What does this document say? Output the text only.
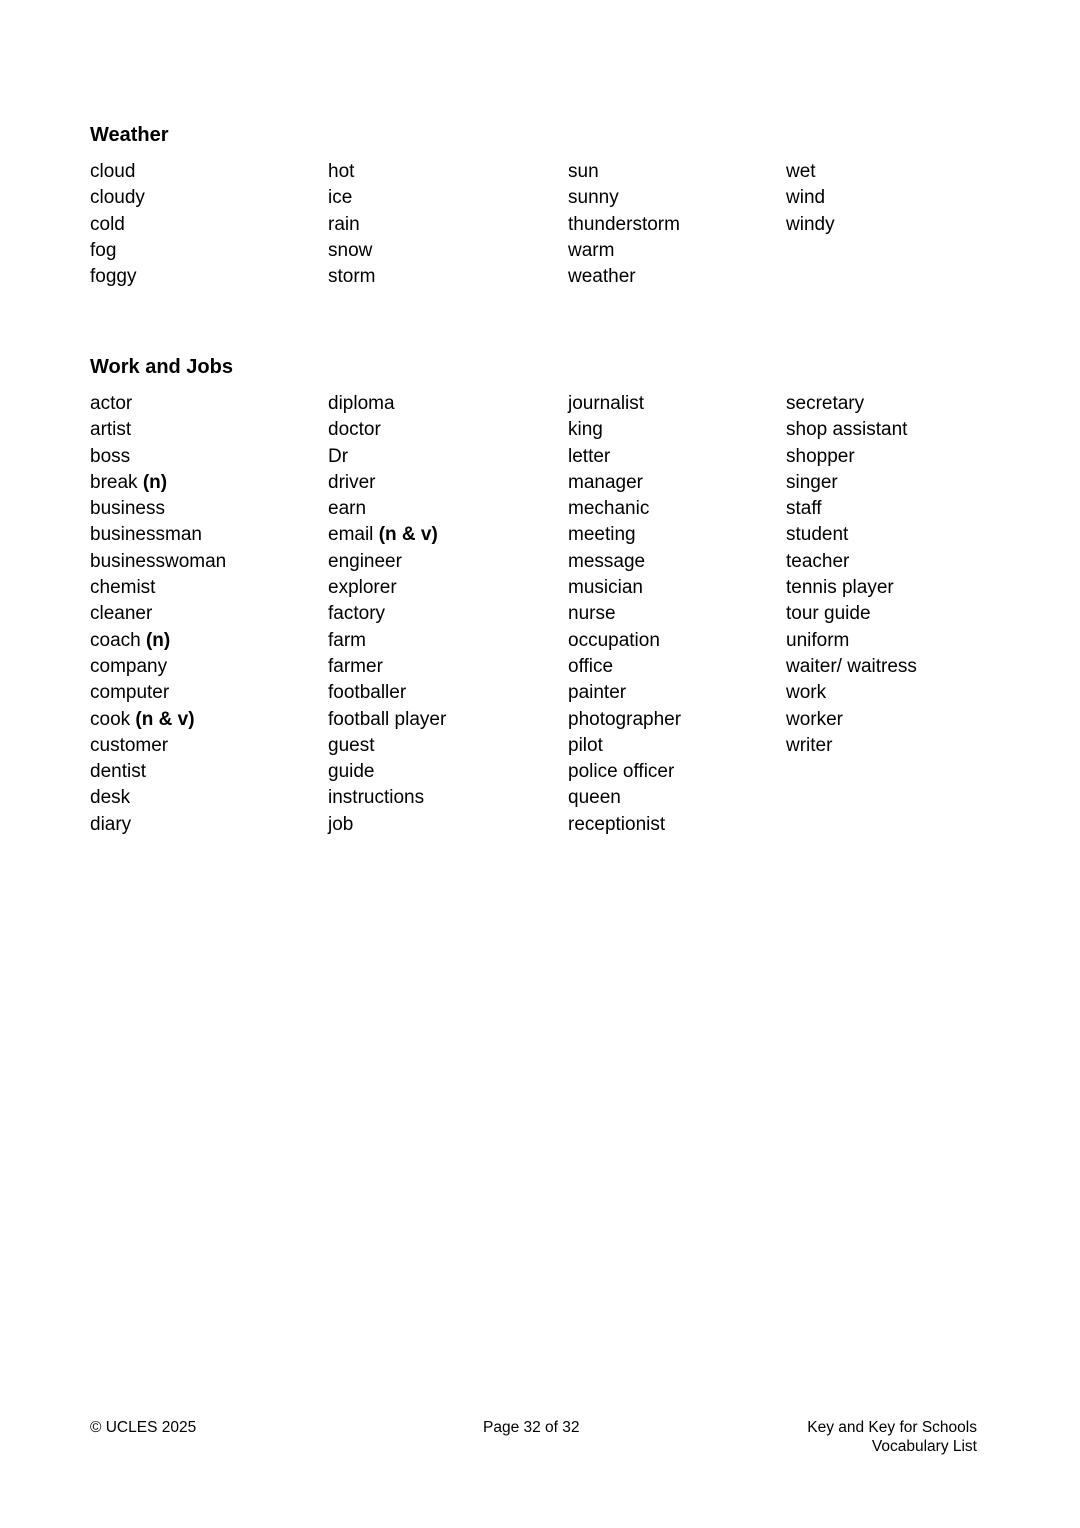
Weather
cloud
cloudy
cold
fog
foggy
hot
ice
rain
snow
storm
sun
sunny
thunderstorm
warm
weather
wet
wind
windy
Work and Jobs
actor
artist
boss
break (n)
business
businessman
businesswoman
chemist
cleaner
coach (n)
company
computer
cook (n & v)
customer
dentist
desk
diary
diploma
doctor
Dr
driver
earn
email (n & v)
engineer
explorer
factory
farm
farmer
footballer
football player
guest
guide
instructions
job
journalist
king
letter
manager
mechanic
meeting
message
musician
nurse
occupation
office
painter
photographer
pilot
police officer
queen
receptionist
secretary
shop assistant
shopper
singer
staff
student
teacher
tennis player
tour guide
uniform
waiter/ waitress
work
worker
writer
© UCLES 2025	Page 32 of 32	Key and Key for Schools
Vocabulary List
